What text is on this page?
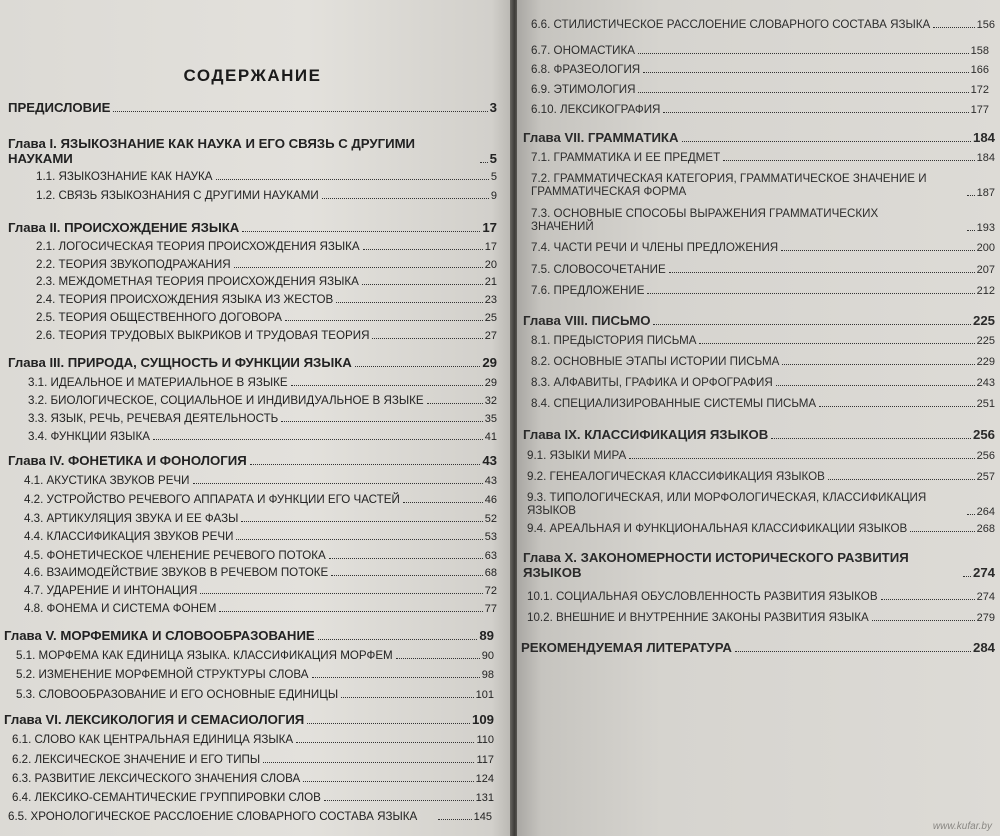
СОДЕРЖАНИЕ
ПРЕДИСЛОВИЕ	3
Глава I. ЯЗЫКОЗНАНИЕ КАК НАУКА И ЕГО СВЯЗЬ С ДРУГИМИ НАУКАМИ	5
1.1. ЯЗЫКОЗНАНИЕ КАК НАУКА	5
1.2. СВЯЗЬ ЯЗЫКОЗНАНИЯ С ДРУГИМИ НАУКАМИ	9
Глава II. ПРОИСХОЖДЕНИЕ ЯЗЫКА	17
2.1. ЛОГОСИЧЕСКАЯ ТЕОРИЯ ПРОИСХОЖДЕНИЯ ЯЗЫКА	17
2.2. ТЕОРИЯ ЗВУКОПОДРАЖАНИЯ	20
2.3. МЕЖДОМЕТНАЯ ТЕОРИЯ ПРОИСХОЖДЕНИЯ ЯЗЫКА	21
2.4. ТЕОРИЯ ПРОИСХОЖДЕНИЯ ЯЗЫКА ИЗ ЖЕСТОВ	23
2.5. ТЕОРИЯ ОБЩЕСТВЕННОГО ДОГОВОРА	25
2.6. ТЕОРИЯ ТРУДОВЫХ ВЫКРИКОВ И ТРУДОВАЯ ТЕОРИЯ	27
Глава III. ПРИРОДА, СУЩНОСТЬ И ФУНКЦИИ ЯЗЫКА	29
3.1. ИДЕАЛЬНОЕ И МАТЕРИАЛЬНОЕ В ЯЗЫКЕ	29
3.2. БИОЛОГИЧЕСКОЕ, СОЦИАЛЬНОЕ И ИНДИВИДУАЛЬНОЕ В ЯЗЫКЕ	32
3.3. ЯЗЫК, РЕЧЬ, РЕЧЕВАЯ ДЕЯТЕЛЬНОСТЬ	35
3.4. ФУНКЦИИ ЯЗЫКА	41
Глава IV. ФОНЕТИКА И ФОНОЛОГИЯ	43
4.1. АКУСТИКА ЗВУКОВ РЕЧИ	43
4.2. УСТРОЙСТВО РЕЧЕВОГО АППАРАТА И ФУНКЦИИ ЕГО ЧАСТЕЙ	46
4.3. АРТИКУЛЯЦИЯ ЗВУКА И ЕЕ ФАЗЫ	52
4.4. КЛАССИФИКАЦИЯ ЗВУКОВ РЕЧИ	53
4.5. ФОНЕТИЧЕСКОЕ ЧЛЕНЕНИЕ РЕЧЕВОГО ПОТОКА	63
4.6. ВЗАИМОДЕЙСТВИЕ ЗВУКОВ В РЕЧЕВОМ ПОТОКЕ	68
4.7. УДАРЕНИЕ И ИНТОНАЦИЯ	72
4.8. ФОНЕМА И СИСТЕМА ФОНЕМ	77
Глава V. МОРФЕМИКА И СЛОВООБРАЗОВАНИЕ	89
5.1. МОРФЕМА КАК ЕДИНИЦА ЯЗЫКА. КЛАССИФИКАЦИЯ МОРФЕМ	90
5.2. ИЗМЕНЕНИЕ МОРФЕМНОЙ СТРУКТУРЫ СЛОВА	98
5.3. СЛОВООБРАЗОВАНИЕ И ЕГО ОСНОВНЫЕ ЕДИНИЦЫ	101
Глава VI. ЛЕКСИКОЛОГИЯ И СЕМАСИОЛОГИЯ	109
6.1. СЛОВО КАК ЦЕНТРАЛЬНАЯ ЕДИНИЦА ЯЗЫКА	110
6.2. ЛЕКСИЧЕСКОЕ ЗНАЧЕНИЕ И ЕГО ТИПЫ	117
6.3. РАЗВИТИЕ ЛЕКСИЧЕСКОГО ЗНАЧЕНИЯ СЛОВА	124
6.4. ЛЕКСИКО-СЕМАНТИЧЕСКИЕ ГРУППИРОВКИ СЛОВ	131
6.5. ХРОНОЛОГИЧЕСКОЕ РАССЛОЕНИЕ СЛОВАРНОГО СОСТАВА ЯЗЫКА	145
6.6. СТИЛИСТИЧЕСКОЕ РАССЛОЕНИЕ СЛОВАРНОГО СОСТАВА ЯЗЫКА	156
6.7. ОНОМАСТИКА	158
6.8. ФРАЗЕОЛОГИЯ	166
6.9. ЭТИМОЛОГИЯ	172
6.10. ЛЕКСИКОГРАФИЯ	177
Глава VII. ГРАММАТИКА	184
7.1. ГРАММАТИКА И ЕЕ ПРЕДМЕТ	184
7.2. ГРАММАТИЧЕСКАЯ КАТЕГОРИЯ, ГРАММАТИЧЕСКОЕ ЗНАЧЕНИЕ И ГРАММАТИЧЕСКАЯ ФОРМА	187
7.3. ОСНОВНЫЕ СПОСОБЫ ВЫРАЖЕНИЯ ГРАММАТИЧЕСКИХ ЗНАЧЕНИЙ	193
7.4. ЧАСТИ РЕЧИ И ЧЛЕНЫ ПРЕДЛОЖЕНИЯ	200
7.5. СЛОВОСОЧЕТАНИЕ	207
7.6. ПРЕДЛОЖЕНИЕ	212
Глава VIII. ПИСЬМО	225
8.1. ПРЕДЫСТОРИЯ ПИСЬМА	225
8.2. ОСНОВНЫЕ ЭТАПЫ ИСТОРИИ ПИСЬМА	229
8.3. АЛФАВИТЫ, ГРАФИКА И ОРФОГРАФИЯ	243
8.4. СПЕЦИАЛИЗИРОВАННЫЕ СИСТЕМЫ ПИСЬМА	251
Глава IX. КЛАССИФИКАЦИЯ ЯЗЫКОВ	256
9.1. ЯЗЫКИ МИРА	256
9.2. ГЕНЕАЛОГИЧЕСКАЯ КЛАССИФИКАЦИЯ ЯЗЫКОВ	257
9.3. ТИПОЛОГИЧЕСКАЯ, ИЛИ МОРФОЛОГИЧЕСКАЯ, КЛАССИФИКАЦИЯ ЯЗЫКОВ	264
9.4. АРЕАЛЬНАЯ И ФУНКЦИОНАЛЬНАЯ КЛАССИФИКАЦИИ ЯЗЫКОВ	268
Глава X. ЗАКОНОМЕРНОСТИ ИСТОРИЧЕСКОГО РАЗВИТИЯ ЯЗЫКОВ	274
10.1. СОЦИАЛЬНАЯ ОБУСЛОВЛЕННОСТЬ РАЗВИТИЯ ЯЗЫКОВ	274
10.2. ВНЕШНИЕ И ВНУТРЕННИЕ ЗАКОНЫ РАЗВИТИЯ ЯЗЫКА	279
РЕКОМЕНДУЕМАЯ ЛИТЕРАТУРА	284
www.kufar.by
